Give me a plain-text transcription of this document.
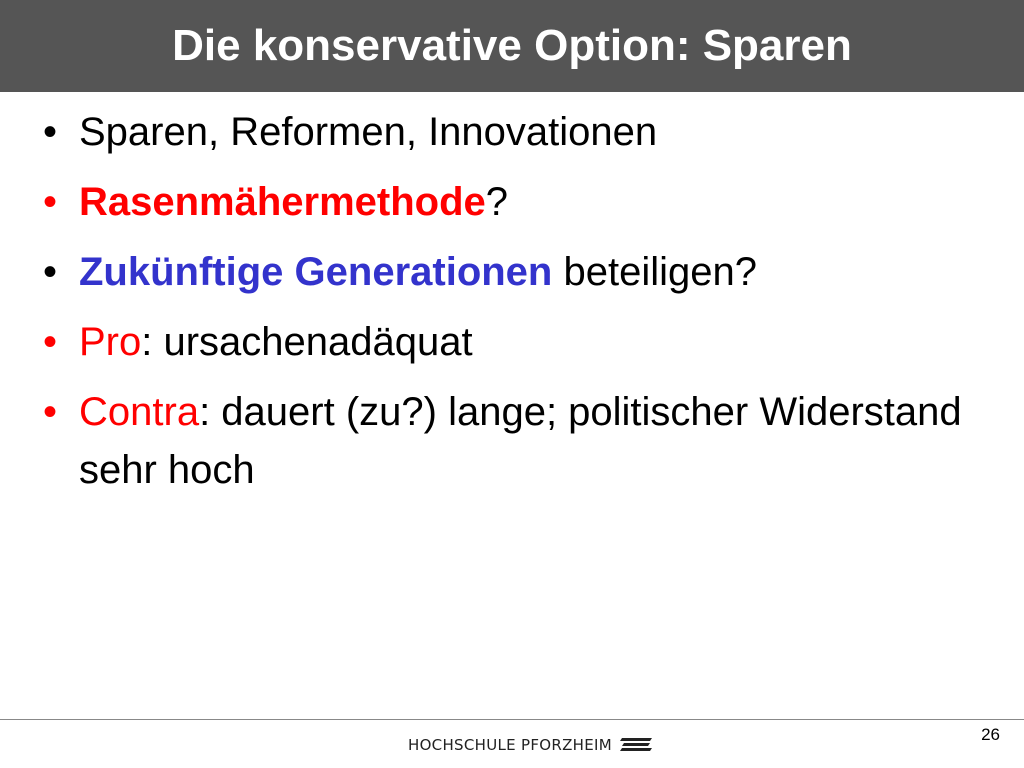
Die konservative Option: Sparen
• Sparen, Reformen, Innovationen
• Rasenmähermethode?
• Zukünftige Generationen beteiligen?
• Pro: ursachenadäquat
• Contra: dauert (zu?) lange; politischer Widerstand sehr hoch
26
HOCHSCHULE PFORZHEIM
